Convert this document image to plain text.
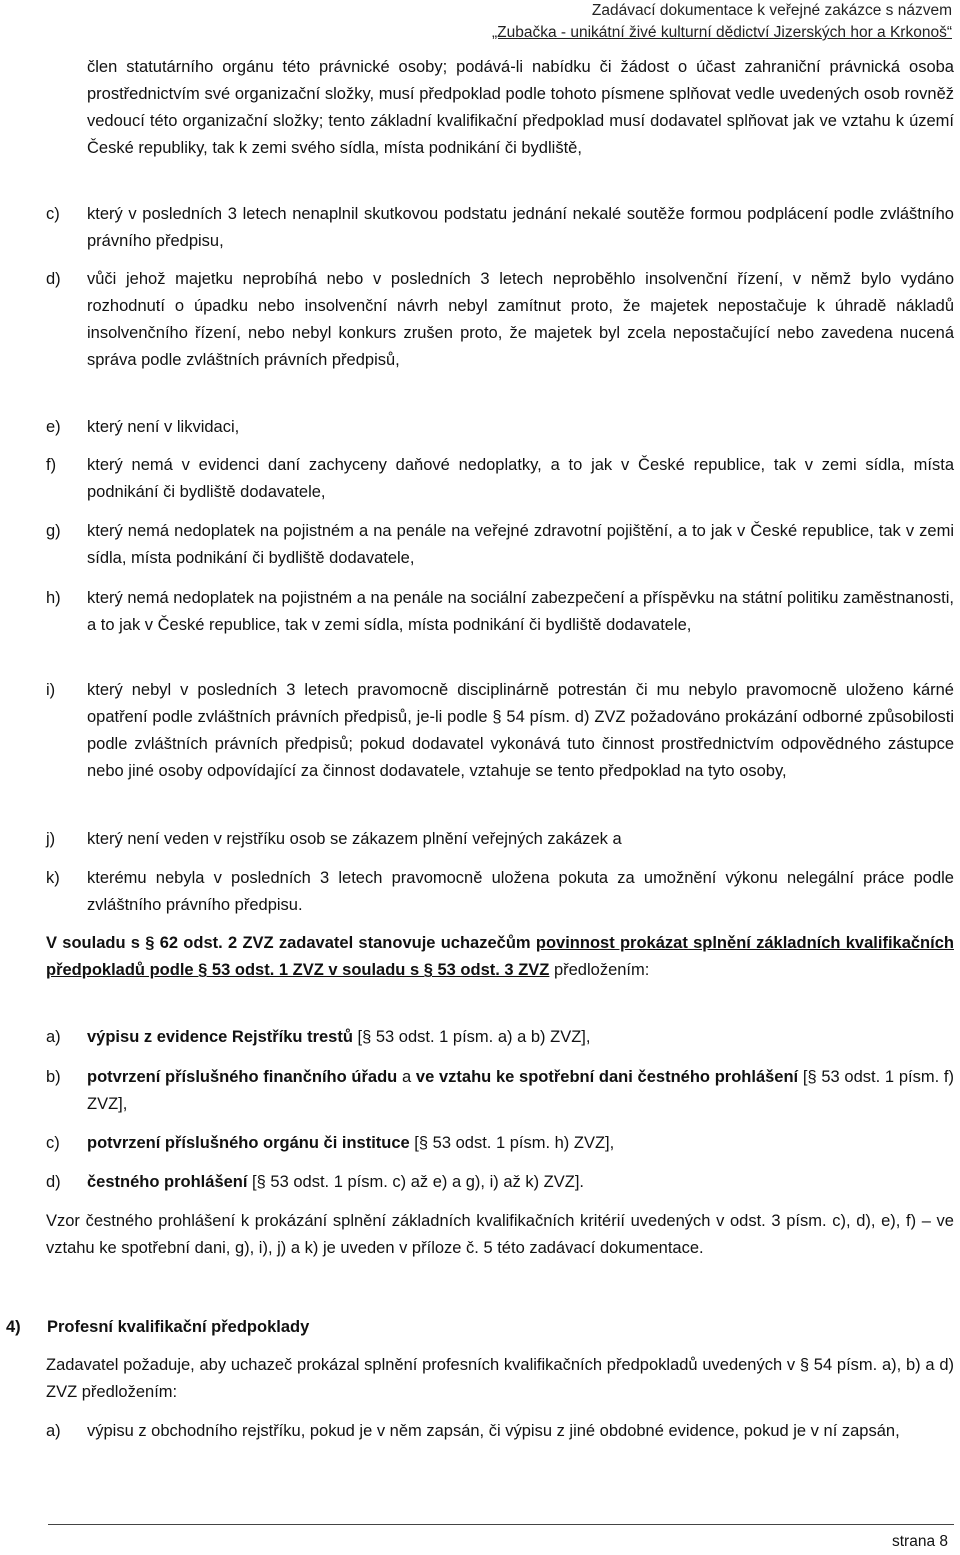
Zadávací dokumentace k veřejné zakázce s názvem
„Zubačka - unikátní živé kulturní dědictví Jizerských hor a Krkonoš“
člen statutárního orgánu této právnické osoby; podává-li nabídku či žádost o účast zahraniční právnická osoba prostřednictvím své organizační složky, musí předpoklad podle tohoto písmene splňovat vedle uvedených osob rovněž vedoucí této organizační složky; tento základní kvalifikační předpoklad musí dodavatel splňovat jak ve vztahu k území České republiky, tak k zemi svého sídla, místa podnikání či bydliště,
c) který v posledních 3 letech nenaplnil skutkovou podstatu jednání nekalé soutěže formou podplácení podle zvláštního právního předpisu,
d) vůči jehož majetku neprobíhá nebo v posledních 3 letech neproběhlo insolvenční řízení, v němž bylo vydáno rozhodnutí o úpadku nebo insolvenční návrh nebyl zamítnut proto, že majetek nepostačuje k úhradě nákladů insolvenčního řízení, nebo nebyl konkurs zrušen proto, že majetek byl zcela nepostačující nebo zavedena nucená správa podle zvláštních právních předpisů,
e) který není v likvidaci,
f) který nemá v evidenci daní zachyceny daňové nedoplatky, a to jak v České republice, tak v zemi sídla, místa podnikání či bydliště dodavatele,
g) který nemá nedoplatek na pojistném a na penále na veřejné zdravotní pojištění, a to jak v České republice, tak v zemi sídla, místa podnikání či bydliště dodavatele,
h) který nemá nedoplatek na pojistném a na penále na sociální zabezpečení a příspěvku na státní politiku zaměstnanosti, a to jak v České republice, tak v zemi sídla, místa podnikání či bydliště dodavatele,
i) který nebyl v posledních 3 letech pravomocně disciplinárně potrestán či mu nebylo pravomocně uloženo kárné opatření podle zvláštních právních předpisů, je-li podle § 54 písm. d) ZVZ požadováno prokázání odborné způsobilosti podle zvláštních právních předpisů; pokud dodavatel vykonává tuto činnost prostřednictvím odpovědného zástupce nebo jiné osoby odpovídající za činnost dodavatele, vztahuje se tento předpoklad na tyto osoby,
j) který není veden v rejstříku osob se zákazem plnění veřejných zakázek a
k) kterému nebyla v posledních 3 letech pravomocně uložena pokuta za umožnění výkonu nelegální práce podle zvláštního právního předpisu.
V souladu s § 62 odst. 2 ZVZ zadavatel stanovuje uchazečům povinnost prokázat splnění základních kvalifikačních předpokladů podle § 53 odst. 1 ZVZ v souladu s § 53 odst. 3 ZVZ předložením:
a) výpisu z evidence Rejstříku trestů [§ 53 odst. 1 písm. a) a b) ZVZ],
b) potvrzení příslušného finančního úřadu a ve vztahu ke spotřební dani čestného prohlášení [§ 53 odst. 1 písm. f) ZVZ],
c) potvrzení příslušného orgánu či instituce [§ 53 odst. 1 písm. h) ZVZ],
d) čestného prohlášení [§ 53 odst. 1 písm. c) až e) a g), i) až k) ZVZ].
Vzor čestného prohlášení k prokázání splnění základních kvalifikačních kritérií uvedených v odst. 3 písm. c), d), e), f) – ve vztahu ke spotřební dani, g), i), j) a k) je uveden v příloze č. 5 této zadávací dokumentace.
4) Profesní kvalifikační předpoklady
Zadavatel požaduje, aby uchazeč prokázal splnění profesních kvalifikačních předpokladů uvedených v § 54 písm. a), b) a d) ZVZ předložením:
a) výpisu z obchodního rejstříku, pokud je v něm zapsán, či výpisu z jiné obdobné evidence, pokud je v ní zapsán,
strana 8
